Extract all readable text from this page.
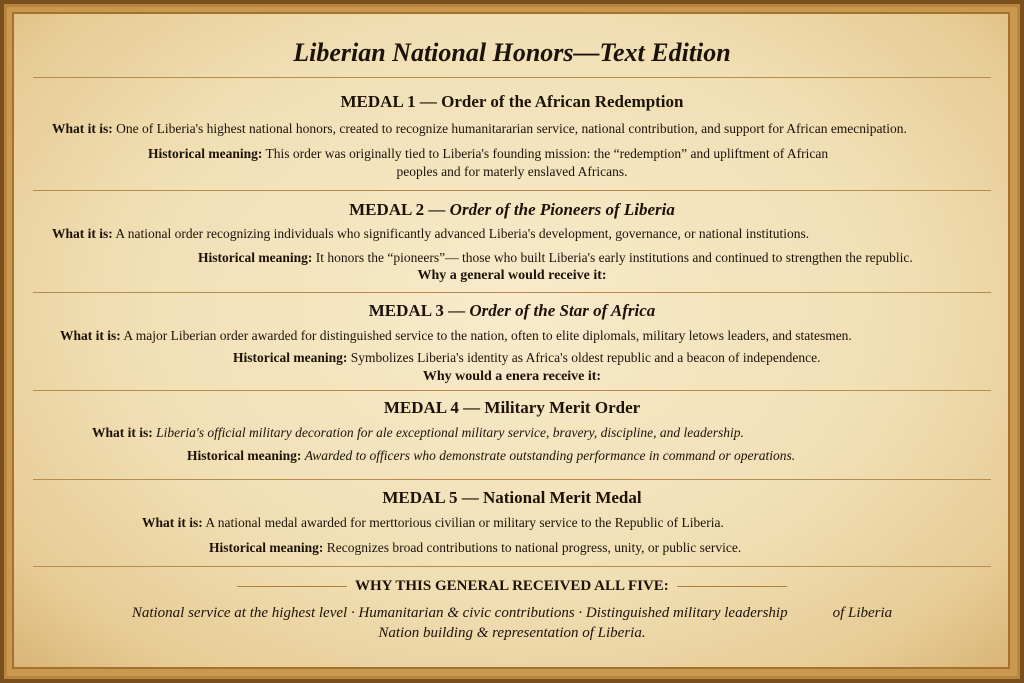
Liberian National Honors—Text Edition
MEDAL 1 — Order of the African Redemption
What it is: One of Liberia's highest national honors, created to recognize humanitararian service, national contribution, and support for African emecnipation.
Historical meaning: This order was originally tied to Liberia's founding mission: the “redemption” and upliftment of African
peoples and for materly enslaved Africans.
MEDAL 2 — Order of the Pioneers of Liberia
What it is: A national order recognizing individuals who significantly advanced Liberia's development, governance, or national institutions.
Historical meaning: It honors the “pioneers”— those who built Liberia's early institutions and continued to strengthen the republic.
Why a general would receive it:
MEDAL 3 — Order of the Star of Africa
What it is: A major Liberian order awarded for distinguished service to the nation, often to elite diplomals, military letows leaders, and statesmen.
Historical meaning: Symbolizes Liberia's identity as Africa's oldest republic and a beacon of independence.
Why would a enera receive it:
MEDAL 4 — Military Merit Order
What it is: Liberia's official military decoration for ale exceptional military service, bravery, discipline, and leadership.
Historical meaning: Awarded to officers who demonstrate outstanding performance in command or operations.
MEDAL 5 — National Merit Medal
What it is: A national medal awarded for merttorious civilian or military service to the Republic of Liberia.
Historical meaning: Recognizes broad contributions to national progress, unity, or public service.
WHY THIS GENERAL RECEIVED ALL FIVE:
National service at the highest level · Humanitarian & civic contributions · Distinguished military leadership            of Liberia
Nation building & representation of Liberia.
